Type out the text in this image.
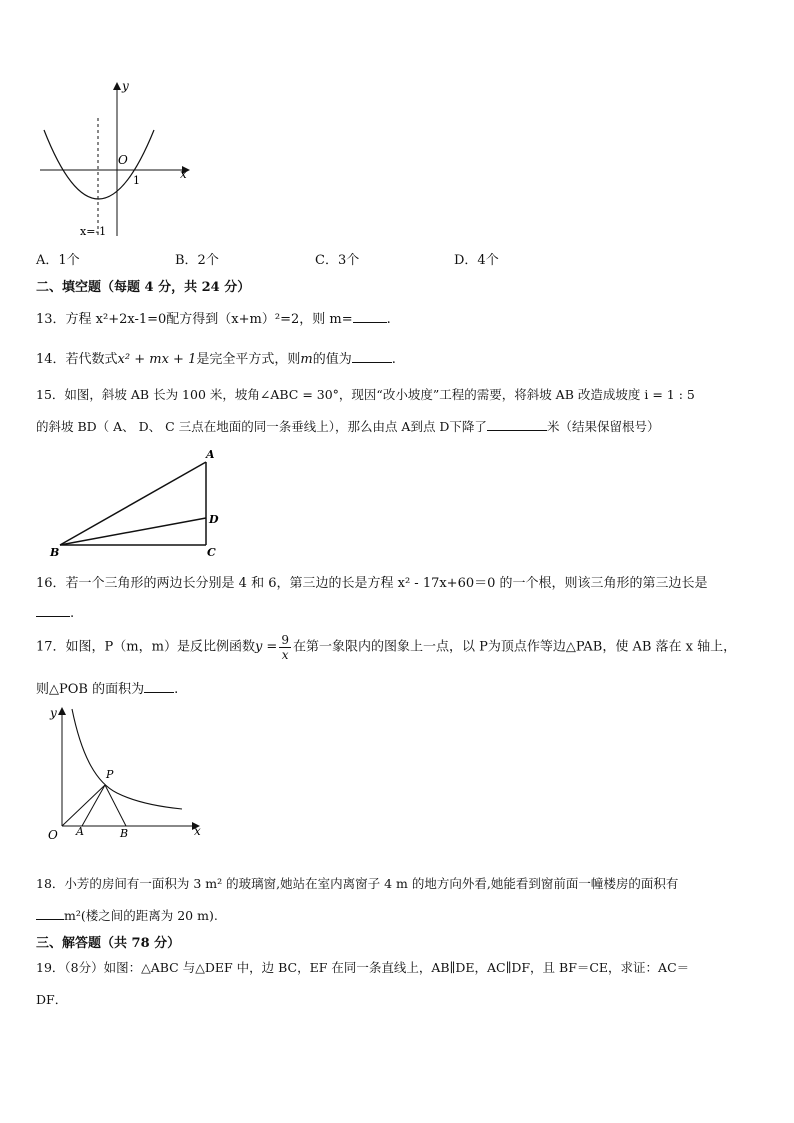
y
x
O
1
x=-1
A．1个	B．2个	C．3个	D．4个
二、填空题（每题 4 分，共 24 分）
13．方程 x²+2x-1=0配方得到（x+m）²=2，则 m=	.
14．若代数式x² + mx + 1是完全平方式，则m的值为	.
15．如图，斜坡 AB 长为 100 米，坡角∠ABC = 30°，现因“改小坡度”工程的需要，将斜坡 AB 改造成坡度 i = 1 : 5
的斜坡 BD（ A、 D、 C 三点在地面的同一条垂线上），那么由点 A到点 D下降了	米（结果保留根号）
A
B	C
D
16．若一个三角形的两边长分别是 4 和 6，第三边的长是方程 x² - 17x+60＝0 的一个根，则该三角形的第三边长是
.
17．如图，P（m，m）是反比例函数$y = \frac{9}{x}$ 在第一象限内的图象上一点，以 P为顶点作等边△PAB，使 AB 落在 x 轴上，
则△POB 的面积为 .
y
x
O A	B
P
18．小芳的房间有一面积为 3 m² 的玻璃窗,她站在室内离窗子 4 m 的地方向外看,她能看到窗前面一幢楼房的面积有
m²(楼之间的距离为 20 m).
三、解答题（共 78 分）
19．（8分）如图：△ABC 与△DEF 中，边 BC，EF 在同一条直线上，AB∥DE，AC∥DF，且 BF＝CE，求证：AC＝
DF．
